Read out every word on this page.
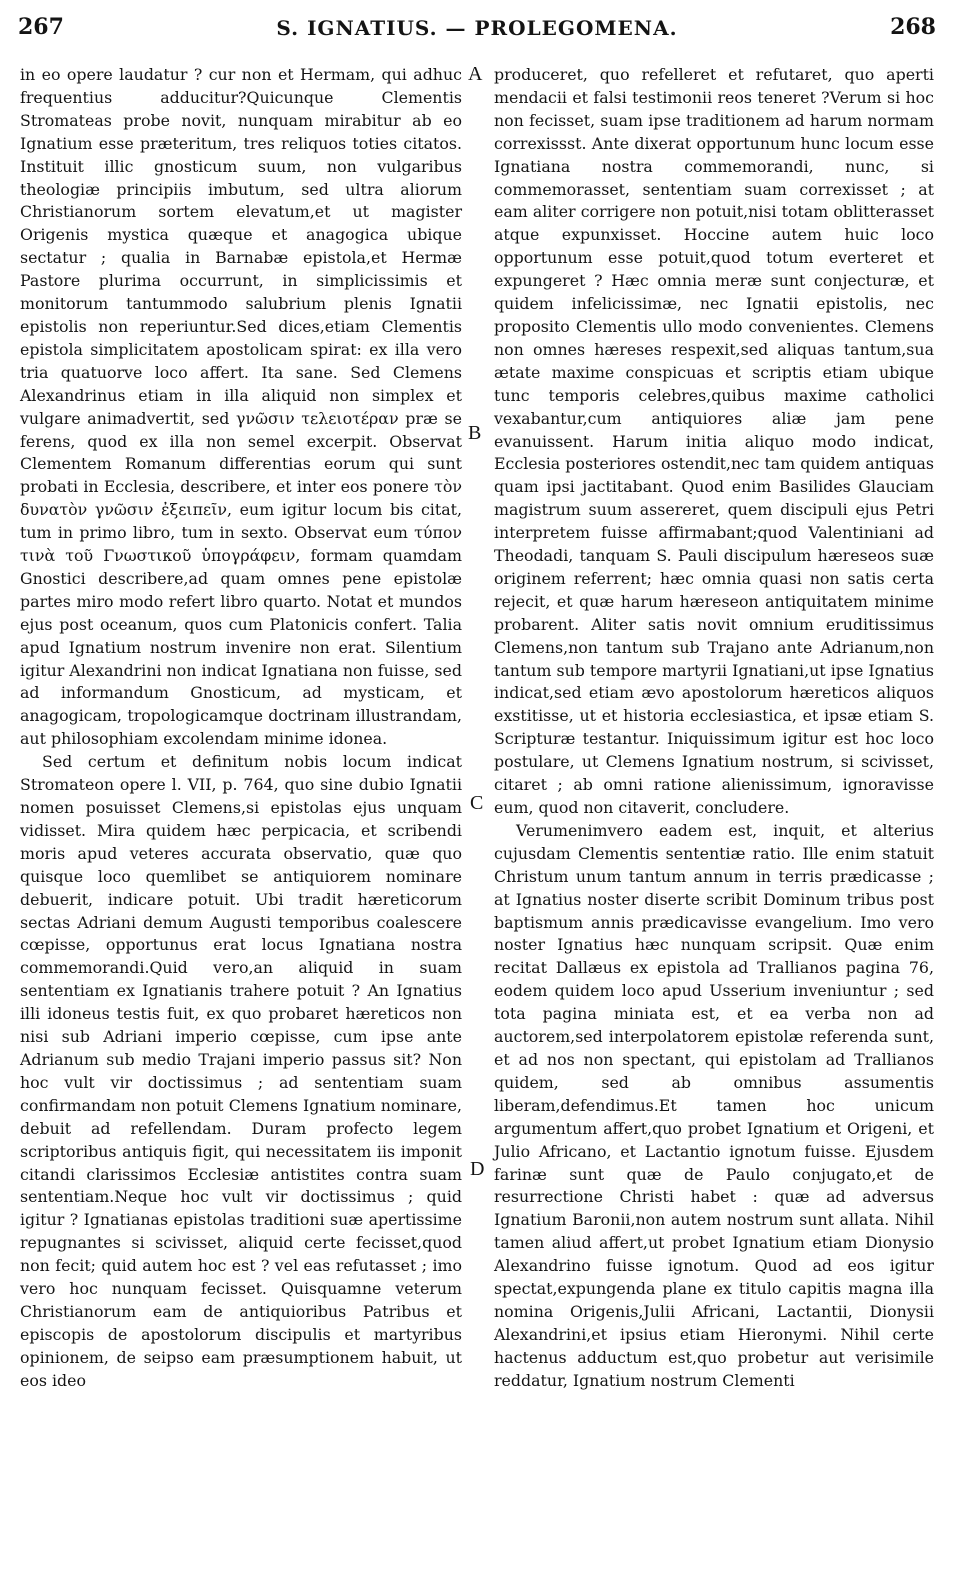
267	S. IGNATIUS. — PROLEGOMENA.	268

in eo opere laudatur ? cur non et Hermam, qui adhuc frequentius adducitur?Quicunque Clementis Stromateas probe novit, nunquam mirabitur ab eo Ignatium esse præteritum, tres reliquos toties citatos. Instituit illic gnosticum suum, non vulgaribus theologiæ principiis imbutum, sed ultra aliorum Christianorum sortem elevatum,et ut magister Origenis mystica quæque et anagogica ubique sectatur ; qualia in Barnabæ epistola,et Hermæ Pastore plurima occurrunt, in simplicissimis et monitorum tantummodo salubrium plenis Ignatii epistolis non reperiuntur.Sed dices,etiam Clementis epistola simplicitatem apostolicam spirat: ex illa vero tria quatuorve loco affert. Ita sane. Sed Clemens Alexandrinus etiam in illa aliquid non simplex et vulgare animadvertit, sed γνῶσιν τελειοτέραν præ se ferens, quod ex illa non semel excerpit. Observat Clementem Romanum differentias eorum qui sunt probati in Ecclesia, describere, et inter eos ponere τὸν δυνατὸν γνῶσιν ἐξειπεῖν, eum igitur locum bis citat, tum in primo libro, tum in sexto. Observat eum τύπον τινὰ τοῦ Γνωστικοῦ ὑπογράφειν, formam quamdam Gnostici describere,ad quam omnes pene epistolæ partes miro modo refert libro quarto. Notat et mundos ejus post oceanum, quos cum Platonicis confert. Talia apud Ignatium nostrum invenire non erat. Silentium igitur Alexandrini non indicat Ignatiana non fuisse, sed ad informandum Gnosticum, ad mysticam, et anagogicam, tropologicamque doctrinam illustrandam, aut philosophiam excolendam minime idonea.

Sed certum et definitum nobis locum indicat Stromateon opere l. VII, p. 764, quo sine dubio Ignatii nomen posuisset Clemens,si epistolas ejus unquam vidisset. Mira quidem hæc perpicacia, et scribendi moris apud veteres accurata observatio, quæ quo quisque loco quemlibet se antiquiorem nominare debuerit, indicare potuit. Ubi tradit hæreticorum sectas Adriani demum Augusti temporibus coalescere cœpisse, opportunus erat locus Ignatiana nostra commemorandi.Quid vero,an aliquid in suam sententiam ex Ignatianis trahere potuit ? An Ignatius illi idoneus testis fuit, ex quo probaret hæreticos non nisi sub Adriani imperio cœpisse, cum ipse ante Adrianum sub medio Trajani imperio passus sit? Non hoc vult vir doctissimus ; ad sententiam suam confirmandam non potuit Clemens Ignatium nominare, debuit ad refellendam. Duram profecto legem scriptoribus antiquis figit, qui necessitatem iis imponit citandi clarissimos Ecclesiæ antistites contra suam sententiam.Neque hoc vult vir doctissimus ; quid igitur ? Ignatianas epistolas traditioni suæ apertissime repugnantes si scivisset, aliquid certe fecisset,quod non fecit; quid autem hoc est ? vel eas refutasset ; imo vero hoc nunquam fecisset. Quisquamne veterum Christianorum eam de antiquioribus Patribus et episcopis de apostolorum discipulis et martyribus opinionem, de seipso eam præsumptionem habuit, ut eos ideo

A
B
C
D

produceret, quo refelleret et refutaret, quo aperti mendacii et falsi testimonii reos teneret ?Verum si hoc non fecisset, suam ipse traditionem ad harum normam correxissst. Ante dixerat opportunum hunc locum esse Ignatiana nostra commemorandi, nunc, si commemorasset, sententiam suam correxisset ; at eam aliter corrigere non potuit,nisi totam oblitterasset atque expunxisset. Hoccine autem huic loco opportunum esse potuit,quod totum everteret et expungeret ? Hæc omnia meræ sunt conjecturæ, et quidem infelicissimæ, nec Ignatii epistolis, nec proposito Clementis ullo modo convenientes. Clemens non omnes hæreses respexit,sed aliquas tantum,sua ætate maxime conspicuas et scriptis etiam ubique tunc temporis celebres,quibus maxime catholici vexabantur,cum antiquiores aliæ jam pene evanuissent. Harum initia aliquo modo indicat, Ecclesia posteriores ostendit,nec tam quidem antiquas quam ipsi jactitabant. Quod enim Basilides Glauciam magistrum suum assereret, quem discipuli ejus Petri interpretem fuisse affirmabant;quod Valentiniani ad Theodadi, tanquam S. Pauli discipulum hæreseos suæ originem referrent; hæc omnia quasi non satis certa rejecit, et quæ harum hæreseon antiquitatem minime probarent. Aliter satis novit omnium eruditissimus Clemens,non tantum sub Trajano ante Adrianum,non tantum sub tempore martyrii Ignatiani,ut ipse Ignatius indicat,sed etiam ævo apostolorum hæreticos aliquos exstitisse, ut et historia ecclesiastica, et ipsæ etiam S. Scripturæ testantur. Iniquissimum igitur est hoc loco postulare, ut Clemens Ignatium nostrum, si scivisset, citaret ; ab omni ratione alienissimum, ignoravisse eum, quod non citaverit, concludere.

Verumenimvero eadem est, inquit, et alterius cujusdam Clementis sententiæ ratio. Ille enim statuit Christum unum tantum annum in terris prædicasse ; at Ignatius noster diserte scribit Dominum tribus post baptismum annis prædicavisse evangelium. Imo vero noster Ignatius hæc nunquam scripsit. Quæ enim recitat Dallæus ex epistola ad Trallianos pagina 76, eodem quidem loco apud Usserium inveniuntur ; sed tota pagina miniata est, et ea verba non ad auctorem,sed interpolatorem epistolæ referenda sunt, et ad nos non spectant, qui epistolam ad Trallianos quidem, sed ab omnibus assumentis liberam,defendimus.Et tamen hoc unicum argumentum affert,quo probet Ignatium et Origeni, et Julio Africano, et Lactantio ignotum fuisse. Ejusdem farinæ sunt quæ de Paulo conjugato,et de resurrectione Christi habet : quæ ad adversus Ignatium Baronii,non autem nostrum sunt allata. Nihil tamen aliud affert,ut probet Ignatium etiam Dionysio Alexandrino fuisse ignotum. Quod ad eos igitur spectat,expungenda plane ex titulo capitis magna illa nomina Origenis,Julii Africani, Lactantii, Dionysii Alexandrini,et ipsius etiam Hieronymi. Nihil certe hactenus adductum est,quo probetur aut verisimile reddatur, Ignatium nostrum Clementi
